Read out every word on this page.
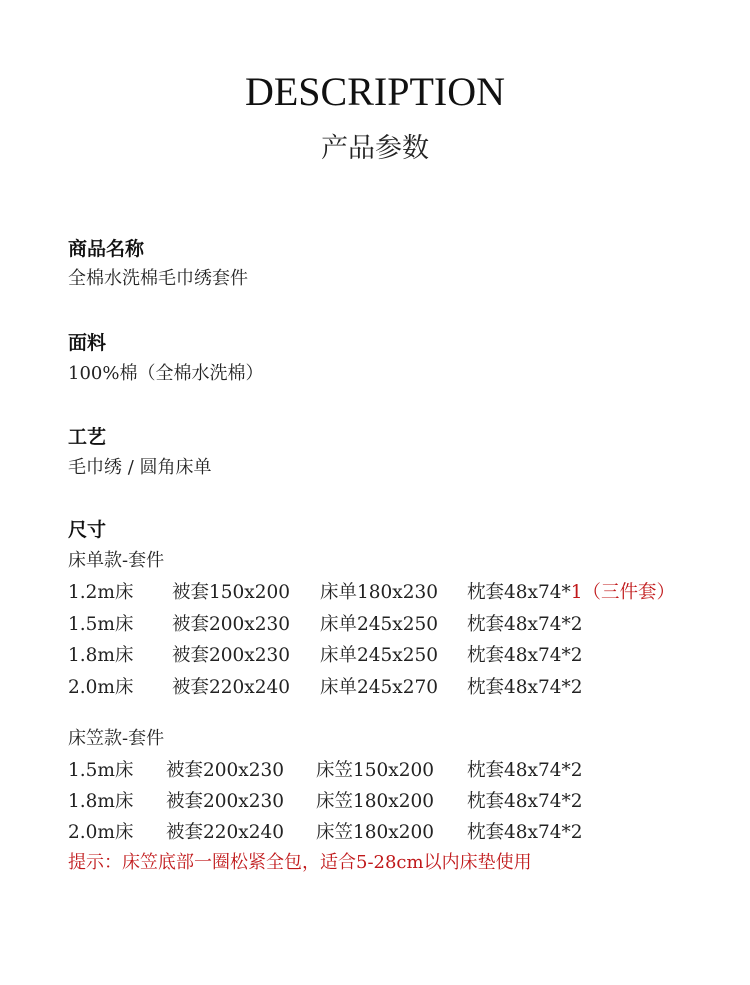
DESCRIPTION
产品参数
商品名称
全棉水洗棉毛巾绣套件
面料
100%棉（全棉水洗棉）
工艺
毛巾绣 / 圆角床单
尺寸
床单款-套件
1.2m床 被套150x200 床单180x230 枕套48x74*1（三件套）
1.5m床 被套200x230 床单245x250 枕套48x74*2
1.8m床 被套200x230 床单245x250 枕套48x74*2
2.0m床 被套220x240 床单245x270 枕套48x74*2
床笠款-套件
1.5m床 被套200x230 床笠150x200 枕套48x74*2
1.8m床 被套200x230 床笠180x200 枕套48x74*2
2.0m床 被套220x240 床笠180x200 枕套48x74*2
提示：床笠底部一圈松紧全包，适合5-28cm以内床垫使用
